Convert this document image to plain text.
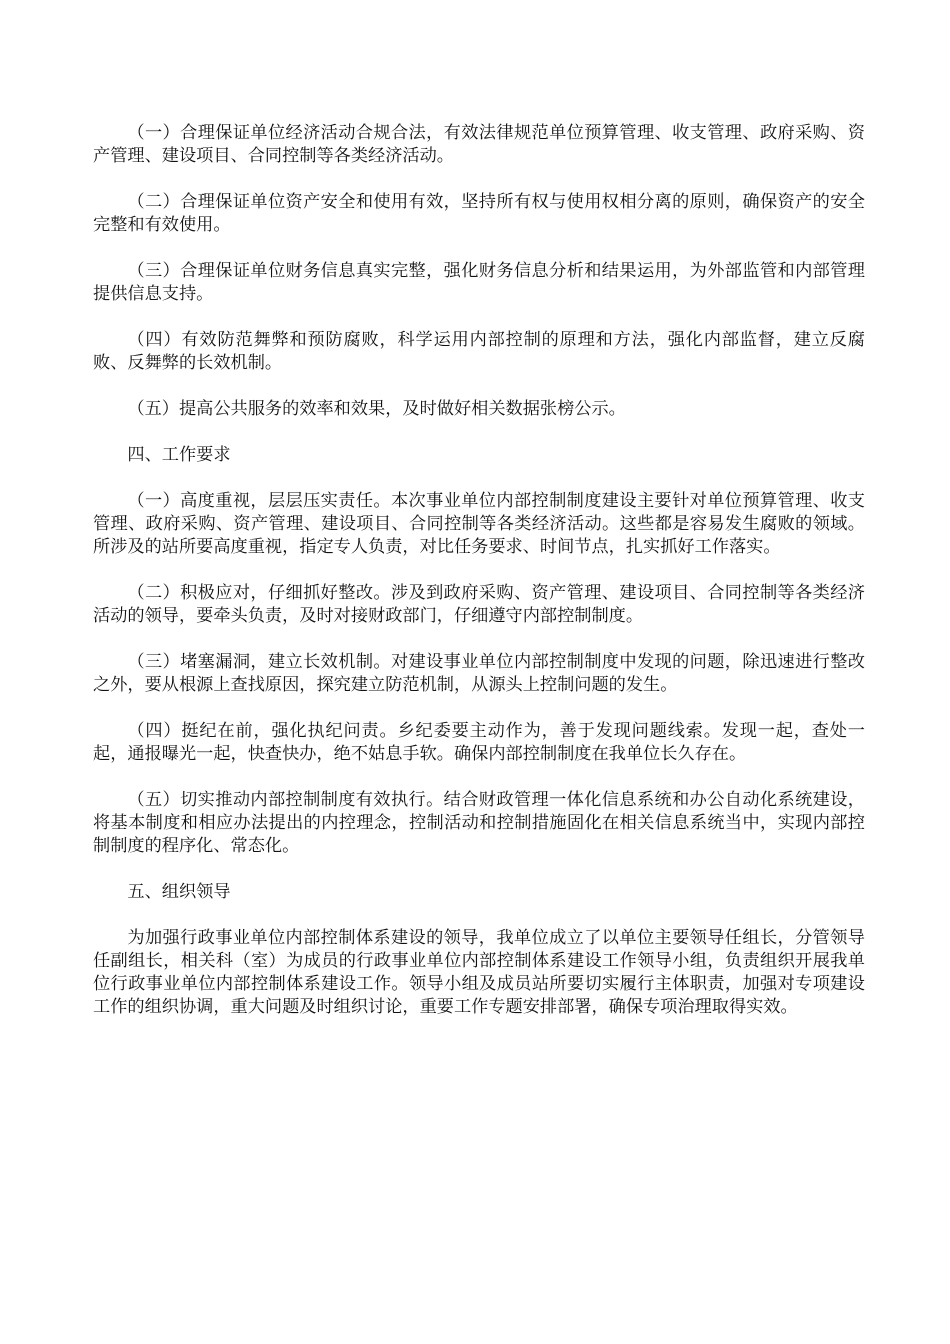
（一）合理保证单位经济活动合规合法，有效法律规范单位预算管理、收支管理、政府采购、资产管理、建设项目、合同控制等各类经济活动。

（二）合理保证单位资产安全和使用有效，坚持所有权与使用权相分离的原则，确保资产的安全完整和有效使用。

（三）合理保证单位财务信息真实完整，强化财务信息分析和结果运用，为外部监管和内部管理提供信息支持。

（四）有效防范舞弊和预防腐败，科学运用内部控制的原理和方法，强化内部监督，建立反腐败、反舞弊的长效机制。

（五）提高公共服务的效率和效果，及时做好相关数据张榜公示。

四、工作要求

（一）高度重视，层层压实责任。本次事业单位内部控制制度建设主要针对单位预算管理、收支管理、政府采购、资产管理、建设项目、合同控制等各类经济活动。这些都是容易发生腐败的领域。所涉及的站所要高度重视，指定专人负责，对比任务要求、时间节点，扎实抓好工作落实。

（二）积极应对，仔细抓好整改。涉及到政府采购、资产管理、建设项目、合同控制等各类经济活动的领导，要牵头负责，及时对接财政部门，仔细遵守内部控制制度。

（三）堵塞漏洞，建立长效机制。对建设事业单位内部控制制度中发现的问题，除迅速进行整改之外，要从根源上查找原因，探究建立防范机制，从源头上控制问题的发生。

（四）挺纪在前，强化执纪问责。乡纪委要主动作为，善于发现问题线索。发现一起，查处一起，通报曝光一起，快查快办，绝不姑息手软。确保内部控制制度在我单位长久存在。

（五）切实推动内部控制制度有效执行。结合财政管理一体化信息系统和办公自动化系统建设，将基本制度和相应办法提出的内控理念，控制活动和控制措施固化在相关信息系统当中，实现内部控制制度的程序化、常态化。

五、组织领导

为加强行政事业单位内部控制体系建设的领导，我单位成立了以单位主要领导任组长，分管领导任副组长，相关科（室）为成员的行政事业单位内部控制体系建设工作领导小组，负责组织开展我单位行政事业单位内部控制体系建设工作。领导小组及成员站所要切实履行主体职责，加强对专项建设工作的组织协调，重大问题及时组织讨论，重要工作专题安排部署，确保专项治理取得实效。
